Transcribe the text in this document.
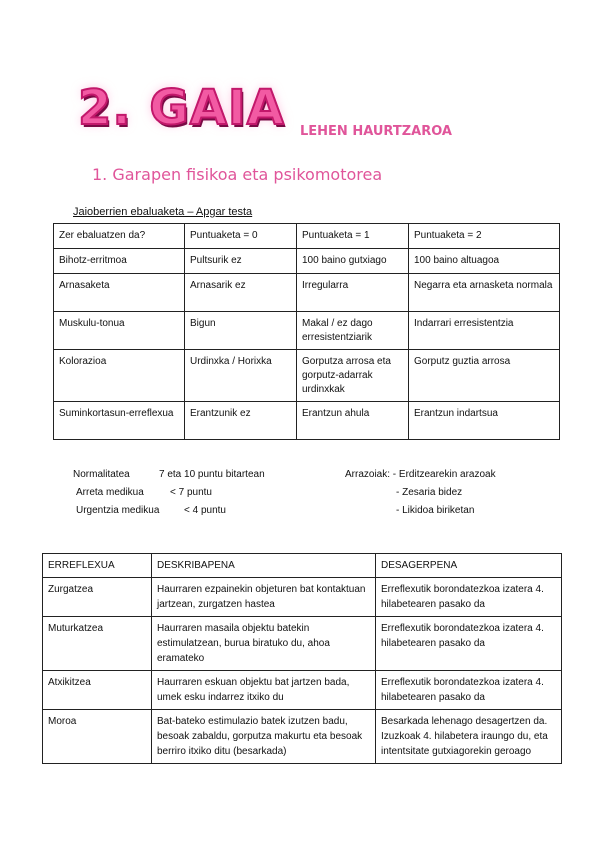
2. GAIA LEHEN HAURTZAROA
1. Garapen fisikoa eta psikomotorea
Jaioberrien ebaluaketa – Apgar testa
Zer ebaluatzen da?	Puntuaketa = 0	Puntuaketa = 1	Puntuaketa = 2
Bihotz-erritmoa	Pultsurik ez	100 baino gutxiago	100 baino altuagoa
Arnasaketa	Arnasarik ez	Irregularra	Negarra eta arnasketa normala
Muskulu-tonua	Bigun	Makal / ez dago erresistentziarik	Indarrari erresistentzia
Kolorazioa	Urdinxka / Horixka	Gorputza arrosa eta gorputz-adarrak urdinxkak	Gorputz guztia arrosa
Suminkortasun-erreflexua	Erantzunik ez	Erantzun ahula	Erantzun indartsua
Normalitatea	7 eta 10 puntu bitartean
Arreta medikua	< 7 puntu
Urgentzia medikua < 4 puntu
Arrazoiak: - Erditzearekin arazoak
- Zesaria bidez
- Likidoa biriketan
ERREFLEXUA	DESKRIBAPENA	DESAGERPENA
Zurgatzea	Haurraren ezpainekin objeturen bat kontaktuan jartzean, zurgatzen hastea	Erreflexutik borondatezkoa izatera 4. hilabetearen pasako da
Muturkatzea	Haurraren masaila objektu batekin estimulatzean, burua biratuko du, ahoa eramateko	Erreflexutik borondatezkoa izatera 4. hilabetearen pasako da
Atxikitzea	Haurraren eskuan objektu bat jartzen bada, umek esku indarrez itxiko du	Erreflexutik borondatezkoa izatera 4. hilabetearen pasako da
Moroa	Bat-bateko estimulazio batek izutzen badu, besoak zabaldu, gorputza makurtu eta besoak berriro itxiko ditu (besarkada)	Besarkada lehenago desagertzen da. Izuzkoak 4. hilabetera iraungo du, eta intentsitate gutxiagorekin geroago
